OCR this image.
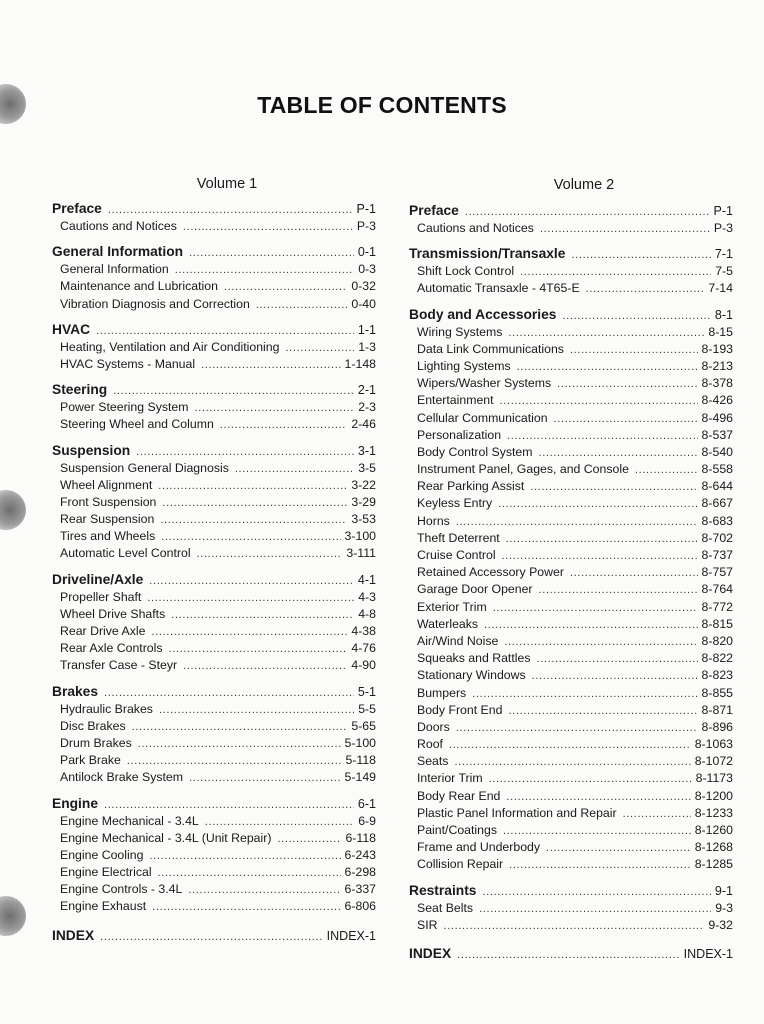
TABLE OF CONTENTS
Volume 1
Preface . . .	P-1
Cautions and Notices . . .	P-3
General Information . . .	0-1
General Information . . .	0-3
Maintenance and Lubrication . . .	0-32
Vibration Diagnosis and Correction . . .	0-40
HVAC . . .	1-1
Heating, Ventilation and Air Conditioning . . .	1-3
HVAC Systems - Manual . . .	1-148
Steering . . .	2-1
Power Steering System . . .	2-3
Steering Wheel and Column . . .	2-46
Suspension . . .	3-1
Suspension General Diagnosis . . .	3-5
Wheel Alignment . . .	3-22
Front Suspension . . .	3-29
Rear Suspension . . .	3-53
Tires and Wheels . . .	3-100
Automatic Level Control . . .	3-111
Driveline/Axle . . .	4-1
Propeller Shaft . . .	4-3
Wheel Drive Shafts . . .	4-8
Rear Drive Axle . . .	4-38
Rear Axle Controls . . .	4-76
Transfer Case - Steyr . . .	4-90
Brakes . . .	5-1
Hydraulic Brakes . . .	5-5
Disc Brakes . . .	5-65
Drum Brakes . . .	5-100
Park Brake . . .	5-118
Antilock Brake System . . .	5-149
Engine . . .	6-1
Engine Mechanical - 3.4L . . .	6-9
Engine Mechanical - 3.4L (Unit Repair) . . .	6-118
Engine Cooling . . .	6-243
Engine Electrical . . .	6-298
Engine Controls - 3.4L . . .	6-337
Engine Exhaust . . .	6-806
INDEX . . .	INDEX-1
Volume 2
Preface . . .	P-1
Cautions and Notices . . .	P-3
Transmission/Transaxle . . .	7-1
Shift Lock Control . . .	7-5
Automatic Transaxle - 4T65-E . . .	7-14
Body and Accessories . . .	8-1
Wiring Systems . . .	8-15
Data Link Communications . . .	8-193
Lighting Systems . . .	8-213
Wipers/Washer Systems . . .	8-378
Entertainment . . .	8-426
Cellular Communication . . .	8-496
Personalization . . .	8-537
Body Control System . . .	8-540
Instrument Panel, Gages, and Console . . .	8-558
Rear Parking Assist . . .	8-644
Keyless Entry . . .	8-667
Horns . . .	8-683
Theft Deterrent . . .	8-702
Cruise Control . . .	8-737
Retained Accessory Power . . .	8-757
Garage Door Opener . . .	8-764
Exterior Trim . . .	8-772
Waterleaks . . .	8-815
Air/Wind Noise . . .	8-820
Squeaks and Rattles . . .	8-822
Stationary Windows . . .	8-823
Bumpers . . .	8-855
Body Front End . . .	8-871
Doors . . .	8-896
Roof . . .	8-1063
Seats . . .	8-1072
Interior Trim . . .	8-1173
Body Rear End . . .	8-1200
Plastic Panel Information and Repair . . .	8-1233
Paint/Coatings . . .	8-1260
Frame and Underbody . . .	8-1268
Collision Repair . . .	8-1285
Restraints . . .	9-1
Seat Belts . . .	9-3
SIR . . .	9-32
INDEX . . .	INDEX-1
